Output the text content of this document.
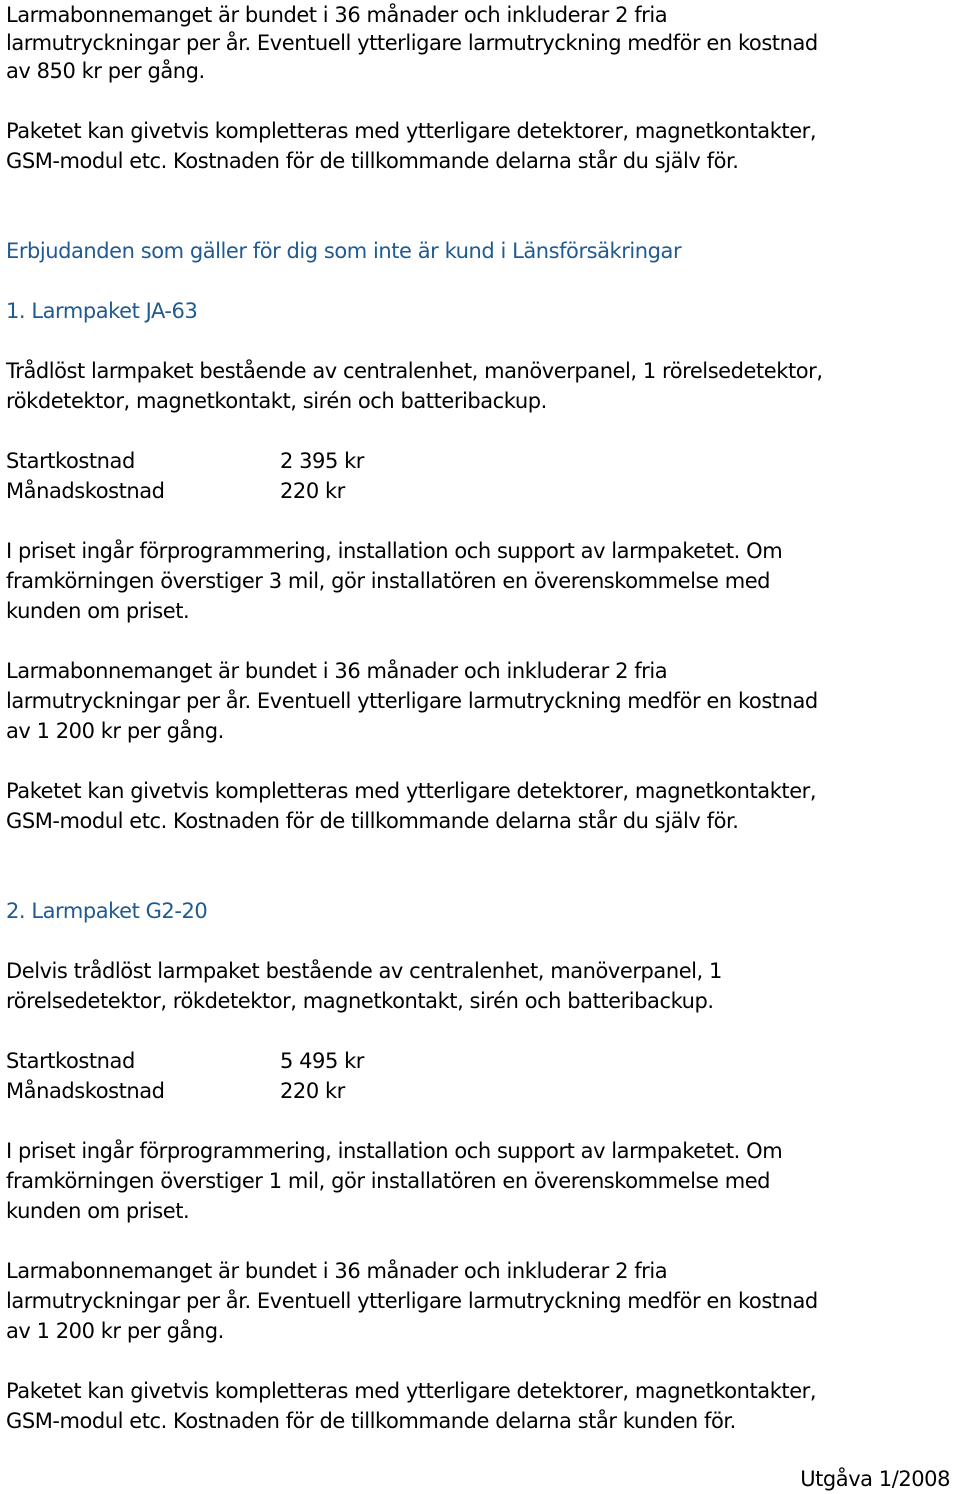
Larmabonnemanget är bundet i 36 månader och inkluderar 2 fria

larmutryckningar per år. Eventuell ytterligare larmutryckning medför en kostnad

av 850 kr per gång.

Paketet kan givetvis kompletteras med ytterligare detektorer, magnetkontakter,

GSM-modul etc. Kostnaden för de tillkommande delarna står du själv för.

Erbjudanden som gäller för dig som inte är kund i Länsförsäkringar

1. Larmpaket JA-63

Trådlöst larmpaket bestående av centralenhet, manöverpanel, 1 rörelsedetektor,

rökdetektor, magnetkontakt, sirén och batteribackup.

Startkostnad	2 395 kr

Månadskostnad	220 kr

I priset ingår förprogrammering, installation och support av larmpaketet. Om

framkörningen överstiger 3 mil, gör installatören en överenskommelse med

kunden om priset.

Larmabonnemanget är bundet i 36 månader och inkluderar 2 fria

larmutryckningar per år. Eventuell ytterligare larmutryckning medför en kostnad

av 1 200 kr per gång.

Paketet kan givetvis kompletteras med ytterligare detektorer, magnetkontakter,

GSM-modul etc. Kostnaden för de tillkommande delarna står du själv för.

2. Larmpaket G2-20

Delvis trådlöst larmpaket bestående av centralenhet, manöverpanel, 1

rörelsedetektor, rökdetektor, magnetkontakt, sirén och batteribackup.

Startkostnad	5 495 kr

Månadskostnad	220 kr

I priset ingår förprogrammering, installation och support av larmpaketet. Om

framkörningen överstiger 1 mil, gör installatören en överenskommelse med

kunden om priset.

Larmabonnemanget är bundet i 36 månader och inkluderar 2 fria

larmutryckningar per år. Eventuell ytterligare larmutryckning medför en kostnad

av 1 200 kr per gång.

Paketet kan givetvis kompletteras med ytterligare detektorer, magnetkontakter,

GSM-modul etc. Kostnaden för de tillkommande delarna står kunden för.

Utgåva 1/2008
